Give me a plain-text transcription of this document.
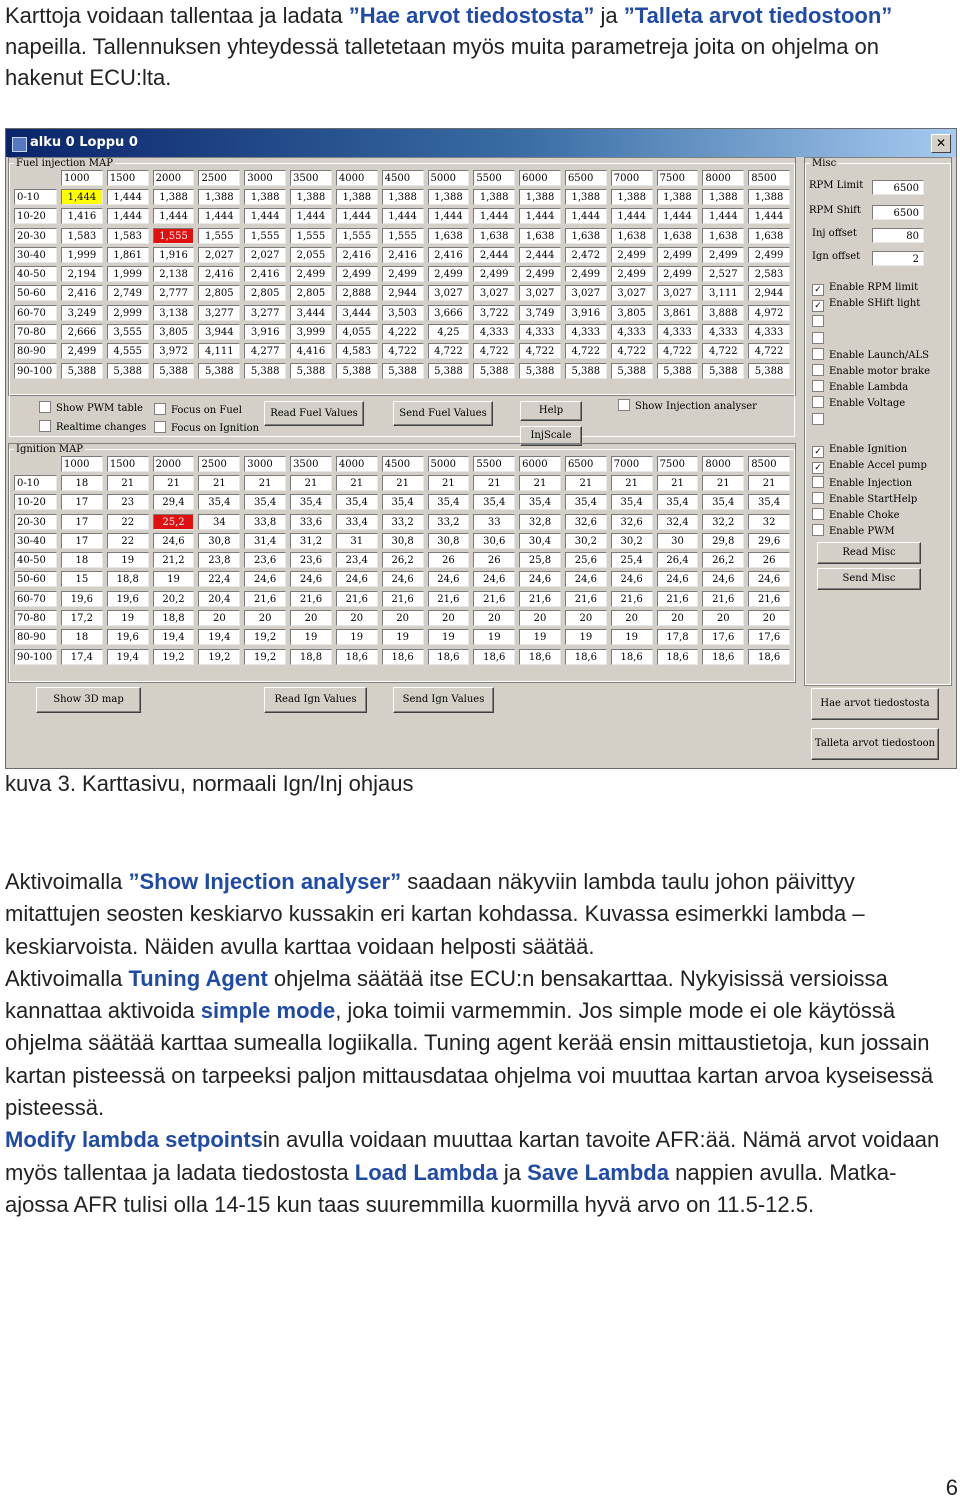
Karttoja voidaan tallentaa ja ladata ”Hae arvot tiedostosta” ja ”Talleta arvot tiedostoon” napeilla. Tallennuksen yhteydessä talletetaan myös muita parametreja joita on ohjelma on hakenut ECU:lta.
alku 0 Loppu 0	✕
Fuel injection MAP

	1000	1500	2000	2500	3000	3500	4000	4500	5000	5500	6000	6500	7000	7500	8000	8500

0-10	1,444	1,444	1,388	1,388	1,388	1,388	1,388	1,388	1,388	1,388	1,388	1,388	1,388	1,388	1,388	1,388

10-20	1,416	1,444	1,444	1,444	1,444	1,444	1,444	1,444	1,444	1,444	1,444	1,444	1,444	1,444	1,444	1,444

20-30	1,583	1,583	1,555	1,555	1,555	1,555	1,555	1,555	1,638	1,638	1,638	1,638	1,638	1,638	1,638	1,638

30-40	1,999	1,861	1,916	2,027	2,027	2,055	2,416	2,416	2,416	2,444	2,444	2,472	2,499	2,499	2,499	2,499

40-50	2,194	1,999	2,138	2,416	2,416	2,499	2,499	2,499	2,499	2,499	2,499	2,499	2,499	2,499	2,527	2,583

50-60	2,416	2,749	2,777	2,805	2,805	2,805	2,888	2,944	3,027	3,027	3,027	3,027	3,027	3,027	3,111	2,944

60-70	3,249	2,999	3,138	3,277	3,277	3,444	3,444	3,503	3,666	3,722	3,749	3,916	3,805	3,861	3,888	4,972

70-80	2,666	3,555	3,805	3,944	3,916	3,999	4,055	4,222	4,25	4,333	4,333	4,333	4,333	4,333	4,333	4,333

80-90	2,499	4,555	3,972	4,111	4,277	4,416	4,583	4,722	4,722	4,722	4,722	4,722	4,722	4,722	4,722	4,722

90-100	5,388	5,388	5,388	5,388	5,388	5,388	5,388	5,388	5,388	5,388	5,388	5,388	5,388	5,388	5,388	5,388
Show PWM table
Realtime changes
Focus on Fuel
Focus on Ignition
Read Fuel Values	Send Fuel Values	Help
InjScale
Show Injection analyser
Ignition MAP

	1000	1500	2000	2500	3000	3500	4000	4500	5000	5500	6000	6500	7000	7500	8000	8500

0-10	18	21	21	21	21	21	21	21	21	21	21	21	21	21	21	21

10-20	17	23	29,4	35,4	35,4	35,4	35,4	35,4	35,4	35,4	35,4	35,4	35,4	35,4	35,4	35,4

20-30	17	22	25,2	34	33,8	33,6	33,4	33,2	33,2	33	32,8	32,6	32,6	32,4	32,2	32

30-40	17	22	24,6	30,8	31,4	31,2	31	30,8	30,8	30,6	30,4	30,2	30,2	30	29,8	29,6

40-50	18	19	21,2	23,8	23,6	23,6	23,4	26,2	26	26	25,8	25,6	25,4	26,4	26,2	26

50-60	15	18,8	19	22,4	24,6	24,6	24,6	24,6	24,6	24,6	24,6	24,6	24,6	24,6	24,6	24,6

60-70	19,6	19,6	20,2	20,4	21,6	21,6	21,6	21,6	21,6	21,6	21,6	21,6	21,6	21,6	21,6	21,6

70-80	17,2	19	18,8	20	20	20	20	20	20	20	20	20	20	20	20	20

80-90	18	19,6	19,4	19,4	19,2	19	19	19	19	19	19	19	19	17,8	17,6	17,6

90-100	17,4	19,4	19,2	19,2	19,2	18,8	18,6	18,6	18,6	18,6	18,6	18,6	18,6	18,6	18,6	18,6
Show 3D map	Read Ign Values	Send Ign Values
Misc
RPM Limit	6500
RPM Shift	6500
Inj offset	80
Ign offset	2
✓ Enable RPM limit
✓ Enable SHift light
Enable Launch/ALS
Enable motor brake
Enable Lambda
Enable Voltage
✓ Enable Ignition
✓ Enable Accel pump
Enable Injection
Enable StartHelp
Enable Choke
Enable PWM
Read Misc
Send Misc
Hae arvot tiedostosta
Talleta arvot tiedostoon
kuva 3. Karttasivu, normaali Ign/Inj ohjaus
Aktivoimalla ”Show Injection analyser” saadaan näkyviin lambda taulu johon päivittyy mitattujen seosten keskiarvo kussakin eri kartan kohdassa. Kuvassa esimerkki lambda – keskiarvoista. Näiden avulla karttaa voidaan helposti säätää.
Aktivoimalla Tuning Agent ohjelma säätää itse ECU:n bensakarttaa. Nykyisissä versioissa kannattaa aktivoida simple mode, joka toimii varmemmin. Jos simple mode ei ole käytössä ohjelma säätää karttaa sumealla logiikalla. Tuning agent kerää ensin mittaustietoja, kun jossain kartan pisteessä on tarpeeksi paljon mittausdataa ohjelma voi muuttaa kartan arvoa kyseisessä pisteessä.
Modify lambda setpointsin avulla voidaan muuttaa kartan tavoite AFR:ää. Nämä arvot voidaan myös tallentaa ja ladata tiedostosta Load Lambda ja Save Lambda nappien avulla. Matka-ajossa AFR tulisi olla 14-15 kun taas suuremmilla kuormilla hyvä arvo on 11.5-12.5.
6
